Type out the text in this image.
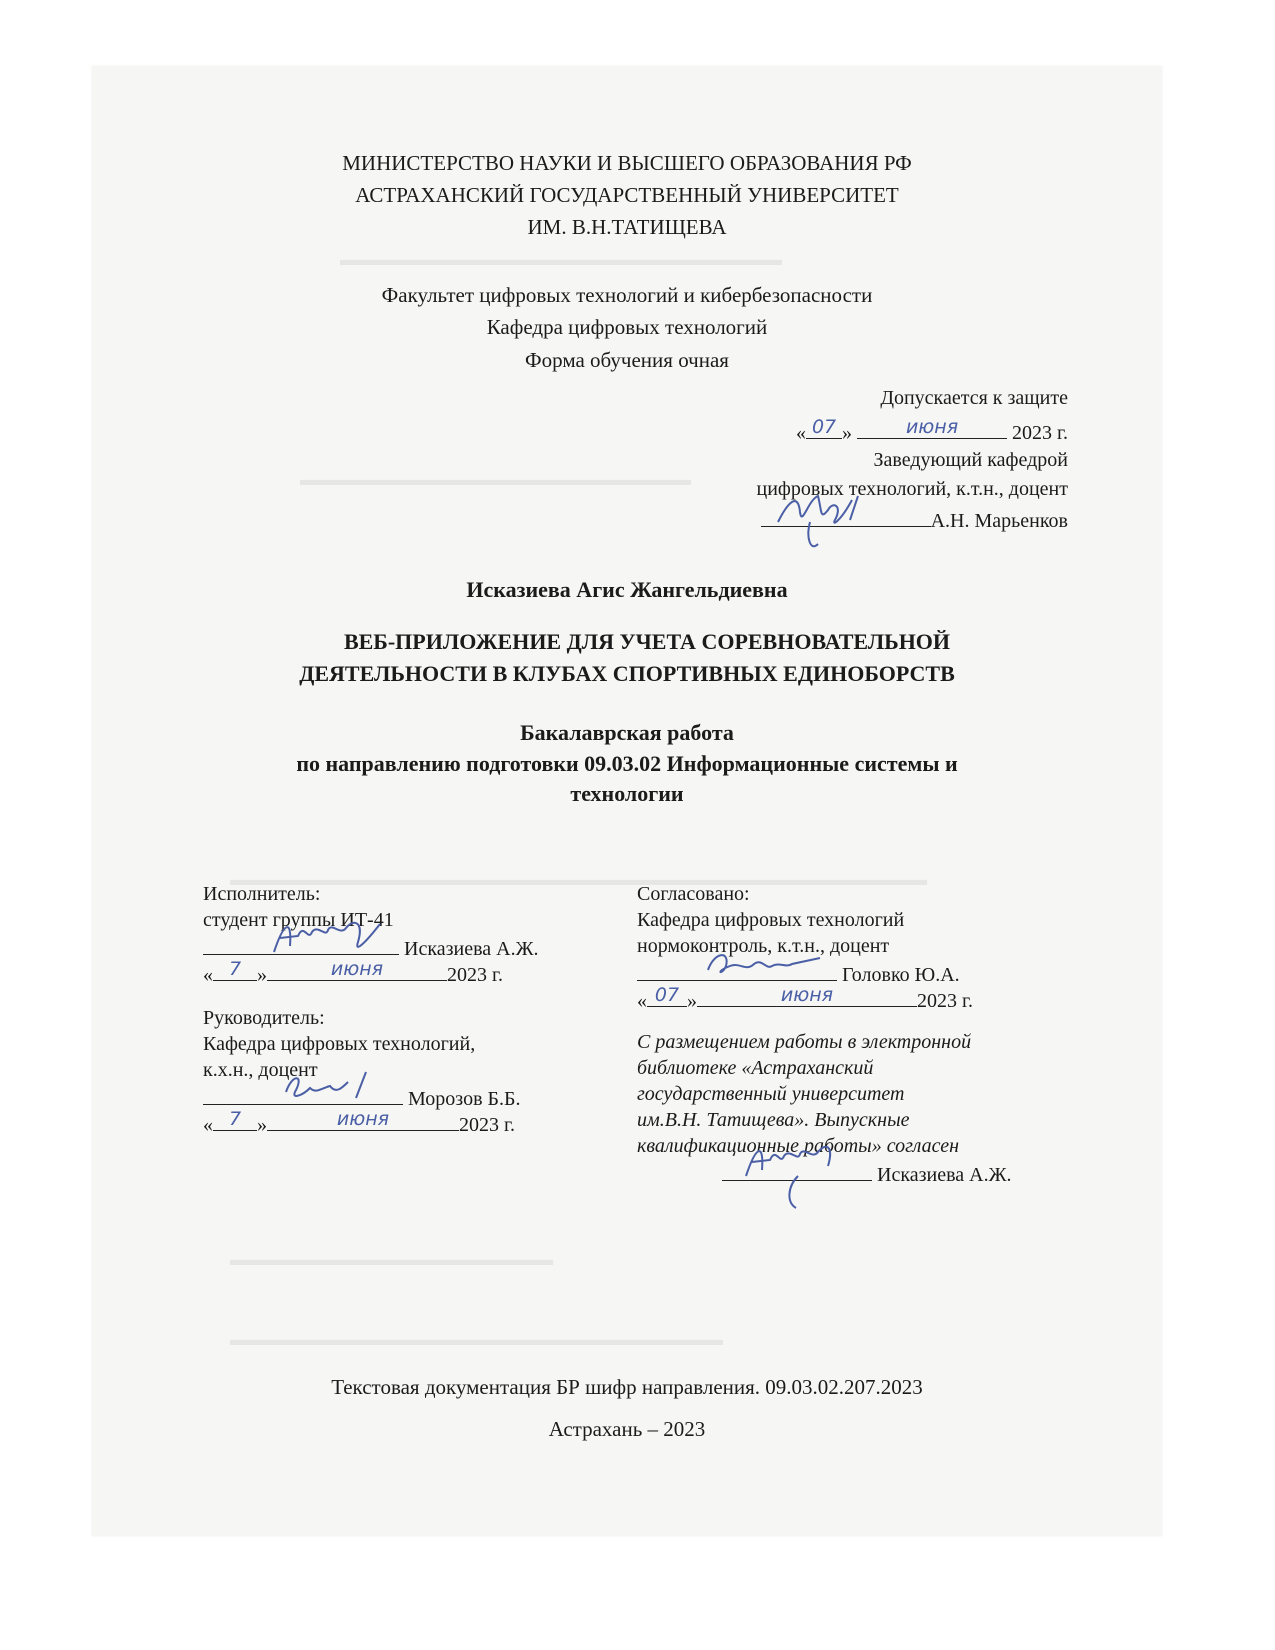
▬▬▬▬▬▬▬▬▬▬▬▬▬▬▬▬▬▬▬▬▬▬▬▬▬▬
▬▬▬▬▬▬▬▬▬▬▬▬▬▬▬▬▬▬▬▬▬▬▬
▬▬▬▬▬▬▬▬▬▬▬▬▬▬▬▬▬▬▬▬▬▬▬▬▬▬▬▬▬▬▬▬▬▬▬▬▬▬▬▬▬
▬▬▬▬▬▬▬▬▬▬▬▬▬▬▬▬▬▬▬
▬▬▬▬▬▬▬▬▬▬▬▬▬▬▬▬▬▬▬▬▬▬▬▬▬▬▬▬▬
МИНИСТЕРСТВО НАУКИ И ВЫСШЕГО ОБРАЗОВАНИЯ РФ
АСТРАХАНСКИЙ ГОСУДАРСТВЕННЫЙ УНИВЕРСИТЕТ
ИМ. В.Н.ТАТИЩЕВА
Факультет цифровых технологий и кибербезопасности
Кафедра цифровых технологий
Форма обучения очная
Допускается к защите
« 07 »	июня	2023 г.
Заведующий кафедрой
цифровых технологий, к.т.н., доцент
А.Н. Марьенков
Исказиева Агис Жангельдиевна
ВЕБ-ПРИЛОЖЕНИЕ ДЛЯ УЧЕТА СОРЕВНОВАТЕЛЬНОЙ
ДЕЯТЕЛЬНОСТИ В КЛУБАХ СПОРТИВНЫХ ЕДИНОБОРСТВ
Бакалаврская работа
по направлению подготовки 09.03.02 Информационные системы и
технологии
Исполнитель:
студент группы ИТ-41
Исказиева А.Ж.
« 7 »	июня	2023 г.
Руководитель:
Кафедра цифровых технологий,
к.х.н., доцент
Морозов Б.Б.
« 7 »	июня	2023 г.
Согласовано:
Кафедра цифровых технологий
нормоконтроль, к.т.н., доцент
Головко Ю.А.
« 07 »	июня	2023 г.
С размещением работы в электронной
библиотеке «Астраханский
государственный университет
им.В.Н. Татищева». Выпускные
квалификационные работы» согласен
Исказиева А.Ж.
Текстовая документация БР шифр направления. 09.03.02.207.2023
Астрахань – 2023
